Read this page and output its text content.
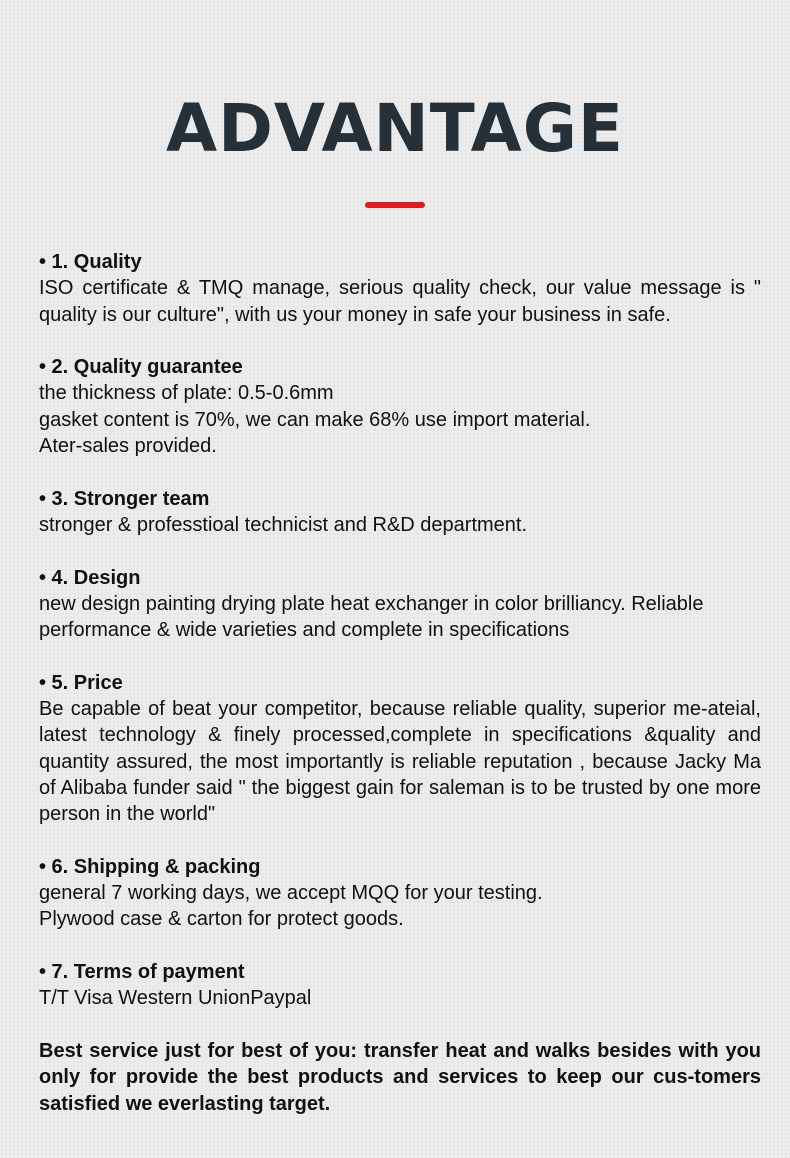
ADVANTAGE
• 1. Quality
ISO certificate & TMQ manage, serious quality check, our value message is " quality is our culture", with us your money in safe your business in safe.
• 2. Quality guarantee
the thickness of plate: 0.5-0.6mm
gasket content is 70%, we can make 68% use import material.
Ater-sales provided.
• 3. Stronger team
stronger & professtioal technicist and R&D department.
• 4. Design
new design painting drying plate heat exchanger in color brilliancy. Reliable performance & wide varieties and complete in specifications
• 5. Price
Be capable of beat your competitor, because reliable quality, superior me-ateial, latest technology & finely processed,complete in specifications &quality and quantity assured, the most importantly is reliable reputation , because Jacky Ma of Alibaba funder said " the biggest gain for saleman is to be trusted by one more person in the world"
• 6. Shipping & packing
general 7 working days, we accept MQQ for your testing.
Plywood case & carton for protect goods.
• 7. Terms of payment
T/T Visa Western UnionPaypal
Best service just for best of you: transfer heat and walks besides with you only for provide the best products and services to keep our cus-tomers satisfied we everlasting target.
